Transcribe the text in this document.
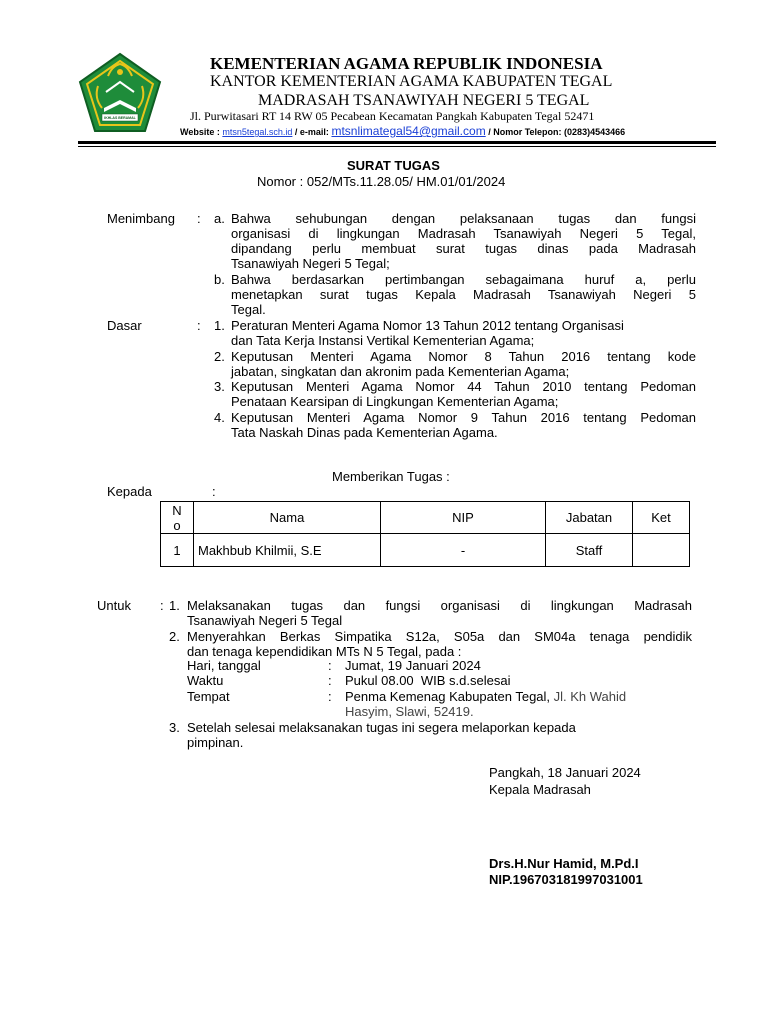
IKHLAS BERAMAL
KEMENTERIAN AGAMA REPUBLIK INDONESIA
KANTOR KEMENTERIAN AGAMA KABUPATEN TEGAL
MADRASAH TSANAWIYAH NEGERI 5 TEGAL
Jl. Purwitasari RT 14 RW 05 Pecabean Kecamatan Pangkah Kabupaten Tegal 52471
Website : mtsn5tegal.sch.id / e-mail: mtsnlimategal54@gmail.com / Nomor Telepon: (0283)4543466
SURAT TUGAS
Nomor : 052/MTs.11.28.05/ HM.01/01/2024
Menimbang : a. Bahwa sehubungan dengan pelaksanaan tugas dan fungsi
organisasi di lingkungan Madrasah Tsanawiyah Negeri 5 Tegal,
dipandang perlu membuat surat tugas dinas pada Madrasah
Tsanawiyah Negeri 5 Tegal;
b. Bahwa berdasarkan pertimbangan sebagaimana huruf a, perlu
menetapkan surat tugas Kepala Madrasah Tsanawiyah Negeri 5
Tegal.
Dasar	: 1. Peraturan Menteri Agama Nomor 13 Tahun 2012 tentang Organisasi
dan Tata Kerja Instansi Vertikal Kementerian Agama;
2. Keputusan Menteri Agama Nomor 8 Tahun 2016 tentang kode
jabatan, singkatan dan akronim pada Kementerian Agama;
3. Keputusan Menteri Agama Nomor 44 Tahun 2010 tentang Pedoman
Penataan Kearsipan di Lingkungan Kementerian Agama;
4. Keputusan Menteri Agama Nomor 9 Tahun 2016 tentang Pedoman
Tata Naskah Dinas pada Kementerian Agama.
Memberikan Tugas :
Kepada	:
N
o	Nama	NIP	Jabatan	Ket
1	Makhbub Khilmii, S.E	-	Staff	
Untuk : 1. Melaksanakan tugas dan fungsi organisasi di lingkungan Madrasah
Tsanawiyah Negeri 5 Tegal
2. Menyerahkan Berkas Simpatika S12a, S05a dan SM04a tenaga pendidik
dan tenaga kependidikan MTs N 5 Tegal, pada :
Hari, tanggal	: Jumat, 19 Januari 2024
Waktu	: Pukul 08.00  WIB s.d.selesai
Tempat	: Penma Kemenag Kabupaten Tegal, Jl. Kh Wahid
Hasyim, Slawi, 52419.
3. Setelah selesai melaksanakan tugas ini segera melaporkan kepada
pimpinan.
Pangkah, 18 Januari 2024
Kepala Madrasah
Drs.H.Nur Hamid, M.Pd.I
NIP.196703181997031001
